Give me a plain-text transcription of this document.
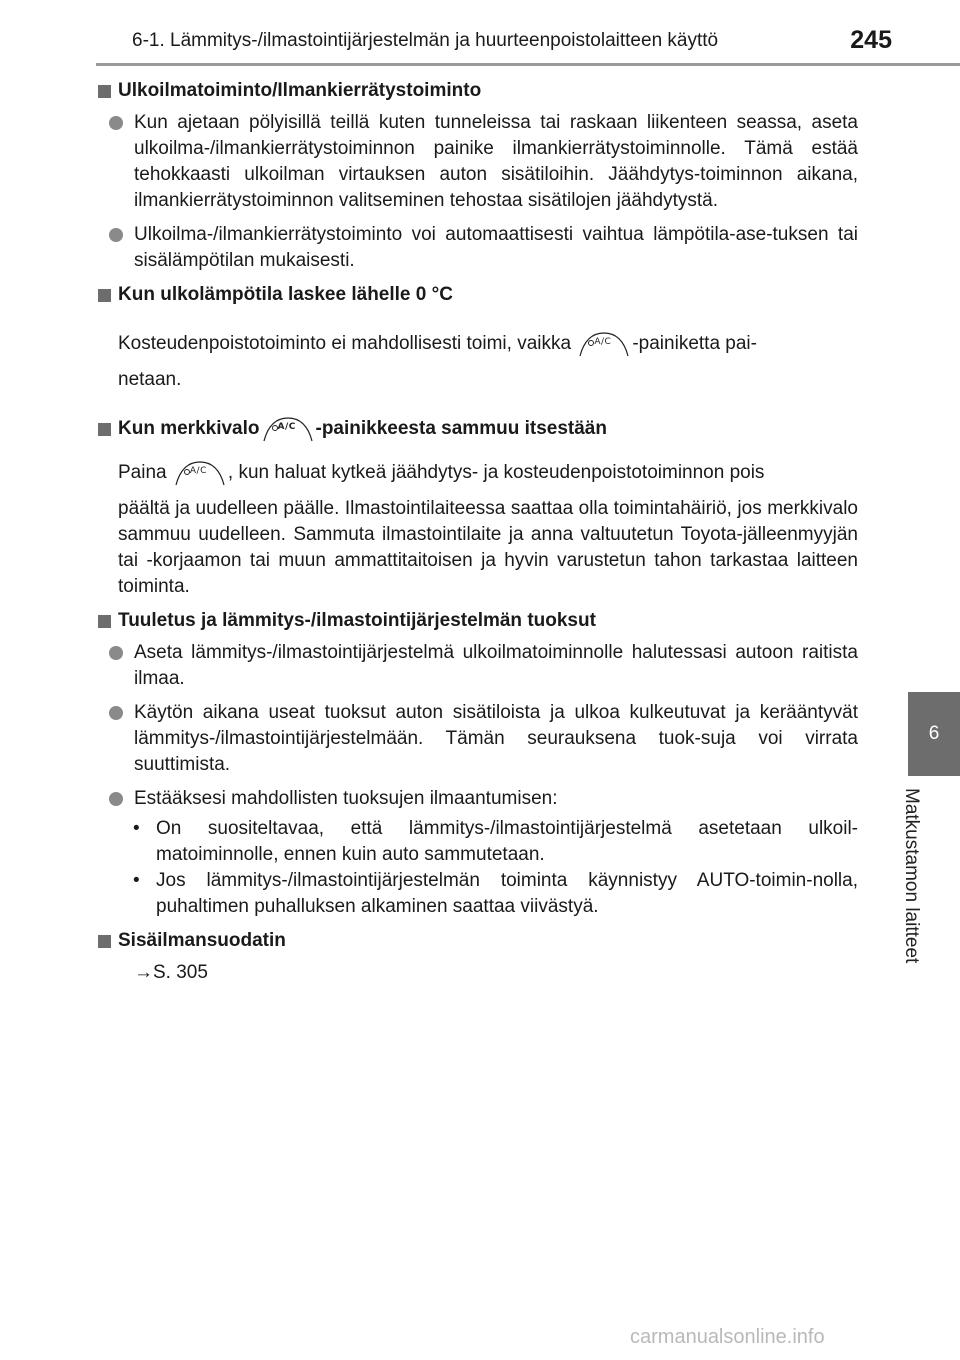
6-1. Lämmitys-/ilmastointijärjestelmän ja huurteenpoistolaitteen käyttö	245
6
Matkustamon laitteet
Ulkoilmatoiminto/Ilmankierrätystoiminto
Kun ajetaan pölyisillä teillä kuten tunneleissa tai raskaan liikenteen seassa, aseta ulkoilma-/ilmankierrätystoiminnon painike ilmankierrätystoiminnolle. Tämä estää tehokkaasti ulkoilman virtauksen auton sisätiloihin. Jäähdytys-toiminnon aikana, ilmankierrätystoiminnon valitseminen tehostaa sisätilojen jäähdytystä.
Ulkoilma-/ilmankierrätystoiminto voi automaattisesti vaihtua lämpötila-ase-tuksen tai sisälämpötilan mukaisesti.
Kun ulkolämpötila laskee lähelle 0 °C
Kosteudenpoistotoiminto ei mahdollisesti toimi, vaikka	A/C -painiketta pai-
netaan.
Kun merkkivalo A/C -painikkeesta sammuu itsestään
Paina	A/C , kun haluat kytkeä jäähdytys- ja kosteudenpoistotoiminnon pois
päältä ja uudelleen päälle. Ilmastointilaiteessa saattaa olla toimintahäiriö, jos merkkivalo sammuu uudelleen. Sammuta ilmastointilaite ja anna valtuutetun Toyota-jälleenmyyjän tai -korjaamon tai muun ammattitaitoisen ja hyvin varustetun tahon tarkastaa laitteen toiminta.
Tuuletus ja lämmitys-/ilmastointijärjestelmän tuoksut
Aseta lämmitys-/ilmastointijärjestelmä ulkoilmatoiminnolle halutessasi autoon raitista ilmaa.
Käytön aikana useat tuoksut auton sisätiloista ja ulkoa kulkeutuvat ja kerääntyvät lämmitys-/ilmastointijärjestelmään. Tämän seurauksena tuok-suja voi virrata suuttimista.
Estääksesi mahdollisten tuoksujen ilmaantumisen:
• On suositeltavaa, että lämmitys-/ilmastointijärjestelmä asetetaan ulkoil-matoiminnolle, ennen kuin auto sammutetaan.
• Jos lämmitys-/ilmastointijärjestelmän toiminta käynnistyy AUTO-toimin-nolla, puhaltimen puhalluksen alkaminen saattaa viivästyä.
Sisäilmansuodatin
→S. 305
carmanualsonline.info
